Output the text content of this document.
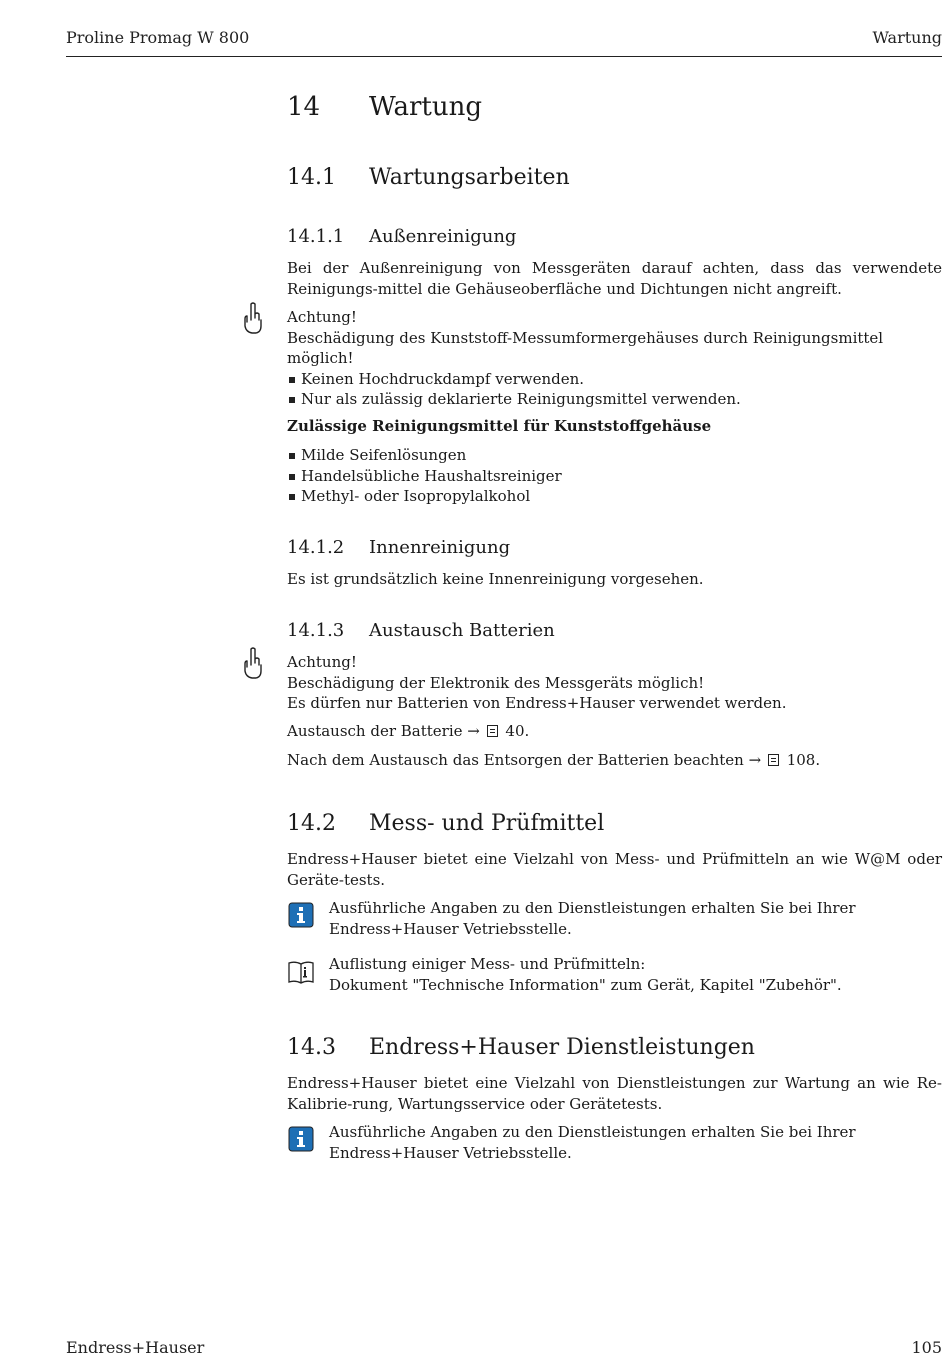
Proline Promag W 800	Wartung
14 Wartung
14.1 Wartungsarbeiten
14.1.1 Außenreinigung

Bei der Außenreinigung von Messgeräten darauf achten, dass das verwendete Reinigungs-mittel die Gehäuseoberfläche und Dichtungen nicht angreift.

Achtung!

Beschädigung des Kunststoff-Messumformergehäuses durch Reinigungsmittel möglich!

Keinen Hochdruckdampf verwenden.
Nur als zulässig deklarierte Reinigungsmittel verwenden.
Zulässige Reinigungsmittel für Kunststoffgehäuse
Milde Seifenlösungen
Handelsübliche Haushaltsreiniger
Methyl- oder Isopropylalkohol
14.1.2 Innenreinigung

Es ist grundsätzlich keine Innenreinigung vorgesehen.

14.1.3 Austausch Batterien

Achtung!

Beschädigung der Elektronik des Messgeräts möglich!

Es dürfen nur Batterien von Endress+Hauser verwendet werden.

Austausch der Batterie → 40.

Nach dem Austausch das Entsorgen der Batterien beachten → 108.

14.2 Mess- und Prüfmittel

Endress+Hauser bietet eine Vielzahl von Mess- und Prüfmitteln an wie W@M oder Geräte-tests.

Ausführliche Angaben zu den Dienstleistungen erhalten Sie bei Ihrer Endress+Hauser Vetriebsstelle.

Auflistung einiger Mess- und Prüfmitteln:

Dokument "Technische Information" zum Gerät, Kapitel "Zubehör".

14.3 Endress+Hauser Dienstleistungen

Endress+Hauser bietet eine Vielzahl von Dienstleistungen zur Wartung an wie Re-Kalibrie-rung, Wartungsservice oder Gerätetests.

Ausführliche Angaben zu den Dienstleistungen erhalten Sie bei Ihrer Endress+Hauser Vetriebsstelle.

Endress+Hauser	105
